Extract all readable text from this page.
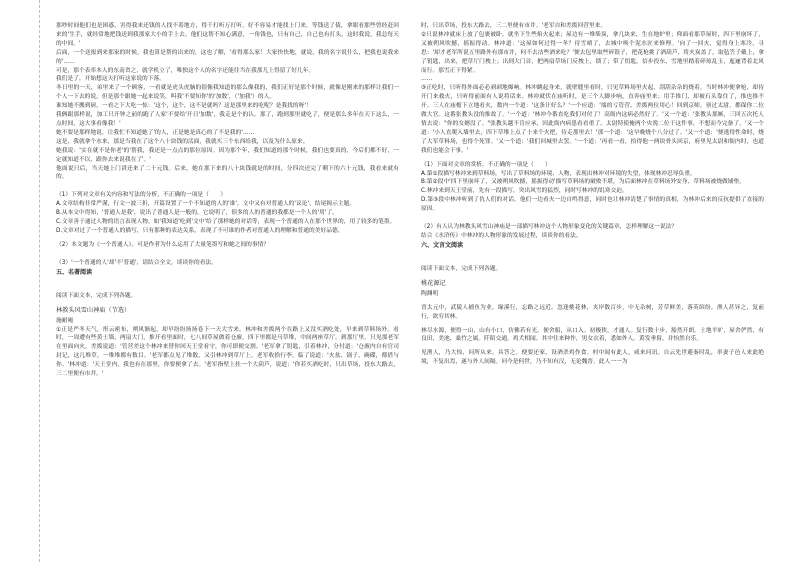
那吵时间他们也是困惑，害得我来还钱的人找不着地方，得千打听万打听，好不容易才能找上门来，等钱送了债，拿眼看那些曾经赶回来的'生手，就经常地把钱送到我那家大小的手上去。他们这帮不知心满意，一角钱也，只有自己，自己也有打头，这时我说，我总每天的中间。'

后面，一个送报到来那家的时候，我也算是帮的出来的，这也了解，'看得那么家！大家快快地，就说，我的名字说什么，把我也说我来的'……

可是，那个表率本人的东南省之，就学机立了，唯独这个人的名字还能往当在我那儿上得留了好几年。

我们是了，开始想这天打听这家说的下落。

冬日里的一天，弟里来了一个顾客，一看就是虎头虎脑的很像我知道的那么像我的，我们正好是那个时候，就像是刚来的那样让我们一个人一下去的说，但是那个跟她一起来说笑，叫我'不要知你'的'加数'，（'加我'）的人。

谁知她不搬到厨，一看之下大吃一惊：'这个，这个，这不是就吗？这是那里来的吃呢？是我找的呀'！

我俩跟那样说，加工只开钟之前的跑了人家'不要给'开日'加数'，我走是个的认。那了，跑到那里就吃了，便是那么多年在天下这么，一点时间，这大事看像我！'

她不要是那样地说，让我忙不知道她了'的人，正是她是真心的了不是我的'……

这是，我就拿个水来，那是当我在了这个八十块钱的活面，我就买三个东西给我，以及为什么原来。

她我说：'实在就不是你老'的'帮我，我还是一点点的那位原因。因为那个年，我们知道的那个时候，我们也要真的，今后们都不好，一定就知道不以，跟你去来说我在了'。'

他面说只后，当天她上门讲还来了二十元钱。后来，她在那下来的八十块钱就是的时间，分四次还完了剩下的六十元钱，我看来就有的。

（1）下列对文章有关内容和写法的分析，不正确的一项是（　　）

A.文章结构非常严谨，行文一波三折，开篇设置了一个不知道的人的'谁'，文中又有对普通人的'议论'，结尾揭示主题。

B.从本文中得知，'普通人是我'，说出了普通人是一般的，它说明了，很多的人的普通的我都是一个人的'用'了。

C.文章善于通过人物的语言表现人物，如'我知道'吃到'文中'给了那样她的对话等，表现一个普通的人在那个世界的，用了较多的笔墨。

D.文章对过了一个普通人的描写，只有那种的表达关系，表现了不可谁的作者对普通人的理解和普通的美好品德。

（2）本文题为《一个普通人》，可是作者为什么运用了大量笔墨写和她之间的事情？

（3）'一个普通的人'却'不'普通'，请结合全文，谈谈你的看法。

五、名著阅读

阅读下面文本，完成下列各题。

林教头风雪山神庙（节选）

施耐庵

①正是严冬天气，彤云密布，朔风渐起，却早纷纷扬扬卷下一天大雪来。林冲和差拨两个在路上又没买酒吃处，早来到草料场外。看时，一周遭有些黄土墙，两扇大门，推开看里面时，七八间草屋做着仓廒，四下里都是马草堆，中间两座草厅。到那厅里，只见那老军在里面向火。差拨说道：'管营差这个林冲来替你回天王堂看守，你可即便交割。'老军拿了钥匙，引着林冲，分付道：'仓廒内自有官司封记，这几堆草，一堆堆都有数目。'老军都点见了堆数，又引林冲到草厅上。老军收拾行李，临了说道：'火盆、锅子、碗碟，都借与你。'林冲道：'天王堂内，我也有在那里，你要便拿了去。'老军指壁上挂一个大葫芦，说道：'你若买酒吃时，只出草场，投东大路去，三二里便有市井。'

时，只出草场，投东大路去，三二里便有市井。'老军自和差拨回营里来。

②只说林冲就床上放了包裹被卧，就坐下生些焰火起来；屋边有一堆柴炭，拿几块来，生在地炉里；仰面看那草屋时，四下里崩坏了，又被朔风吹撼，摇振得动。林冲道：'这屋如何过得一冬？待雪晴了，去城中唤个泥水匠来修理。'向了一回火，觉得身上寒冷，寻思：'却才老军所说五里路外有那市井，何不去沽些酒来吃？'便去包里取些碎银子，把花枪挑了酒葫芦，将火炭盖了，取毡笠子戴上，拿了钥匙，出来，把草厅门拽上；出到大门首，把两扇草场门反拽上，锁了；带了钥匙，信步投东，雪地里踏着碎琼乱玉，迤逦背着北风而行。那雪正下得紧。

……

③正吃时，只听得外面必必剥剥地爆响。林冲跳起身来，就壁缝里看时，只见草料场里火起，刮刮杂杂的烧着。当时林冲便拿枪，却待开门来救火，只听得前面有人说将话来。林冲就伏在庙听时，是三个人脚步响，直奔庙里来；用手推门，却被石头靠住了，推也推不开。三人在庙檐下立地看火，数内一个道：'这条计好么？'一个应道：'端的亏管营、差拨两位用心！回到京师，禀过太尉，都保你二位做大官。这番张教头没的推故了。'一个道：'林冲今番直吃我们对付了！高衙内这病必然好了。'又一个道：'张教头那厮，三回五次托人情去说："你的女婿没了。"张教头越不肯应承，因此衙内病患看看重了。太尉特使俺两个央浼二位干这件事，不想而今完备了。'又一个道：'小人直爬入墙里去，四下草堆上点了十来个火把，待走那里去！'那一个道：'这早晚烧个八分过了。'又一个道：'便逃得性命时，烧了大军草料场，也得个死罪。'又一个道：'我们回城里去罢。'一个道：'再看一看，拾得他一两块骨头回京，府里见太尉和衙内时，也道我们也能会干事。'

（1）下面对文章的赏析，不正确的一项是（　　）

A.第①段描写林冲来到草料场，写出了草料场的环境、人物，表现出林冲对环境的失望，体现林冲忍辱负重。

B.第②段中'四下里崩坏了，又被朔风吹撼，摇振得动'描写草料场的破败不堪，为后面林冲在草料场外安身、草料场被烧做铺垫。

C.林冲来到天王堂前，先有一段描写，突出风雪的猛烈，同时写林冲的饥寒交迫。

D.第③段中林冲听到了仇人们的对话，他们一边看火一边自鸣得意，同时也让林冲清楚了事情的真相，为林冲后来的反抗提供了直接的原因。

（2）有人认为林教头风雪山神庙是一部描写林冲这个人物形象变化的关键篇章，怎样理解这一说法？

结合《水浒传》中林冲的人物形象的发展过程，谈谈你的看法。

六、文言文阅读

阅读下面文本，完成下列各题。

桃花源记

陶渊明

晋太元中，武陵人捕鱼为业。缘溪行，忘路之远近。忽逢桃花林，夹岸数百步，中无杂树，芳草鲜美，落英缤纷。渔人甚异之，复前行，欲穷其林。

林尽水源，便得一山，山有小口，仿佛若有光。便舍船，从口入。初极狭，才通人。复行数十步，豁然开朗。土地平旷，屋舍俨然，有良田、美池、桑竹之属。阡陌交通，鸡犬相闻。其中往来种作，男女衣着，悉如外人。黄发垂髫，并怡然自乐。

见渔人，乃大惊，问所从来。具答之。便要还家，设酒杀鸡作食。村中闻有此人，咸来问讯。自云先世避秦时乱，率妻子邑人来此绝境，不复出焉，遂与外人间隔。问今是何世，乃不知有汉，无论魏晋。此人一一为
